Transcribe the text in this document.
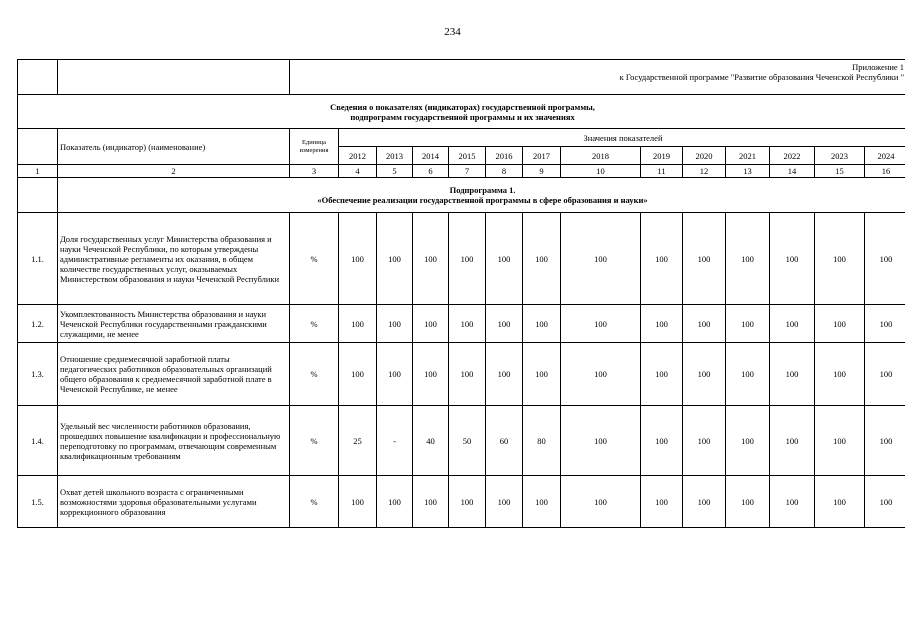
234

		Приложение 1
к Государственной программе "Развитие образования Чеченской Республики "													

Сведения о показателях (индикаторах) государственной программы,
подпрограмм государственной программы и их значениях															

	Показатель (индикатор) (наименование)	Единица измерения	Значения показателей												
			2012	2013	2014	2015	2016	2017	2018	2019	2020	2021	2022	2023	2024
1	2	3	4	5	6	7	8	9	10	11	12	13	14	15	16

	Подпрограмма 1.
«Обеспечение реализации государственной программы в сфере образования и науки»														

1.1.	Доля государственных услуг Министерства образования и науки Чеченской Республики, по которым утверждены административные регламенты их оказания, в общем количестве государственных услуг, оказываемых Министерством образования и науки Чеченской Республики	%	100	100	100	100	100	100	100	100	100	100	100	100	100
1.2.	Укомплектованность Министерства образования и науки Чеченской Республики государственными гражданскими служащими, не менее	%	100	100	100	100	100	100	100	100	100	100	100	100	100
1.3.	Отношение среднемесячной заработной платы педагогических работников образовательных организаций общего образования к среднемесячной заработной плате в Чеченской Республике, не менее	%	100	100	100	100	100	100	100	100	100	100	100	100	100
1.4.	Удельный вес численности работников образования, прошедших повышение квалификации и профессиональную переподготовку по программам, отвечающим современным квалификационным требованиям	%	25	-	40	50	60	80	100	100	100	100	100	100	100
1.5.	Охват детей школьного возраста с ограниченными возможностями здоровья образовательными услугами коррекционного образования	%	100	100	100	100	100	100	100	100	100	100	100	100	100
